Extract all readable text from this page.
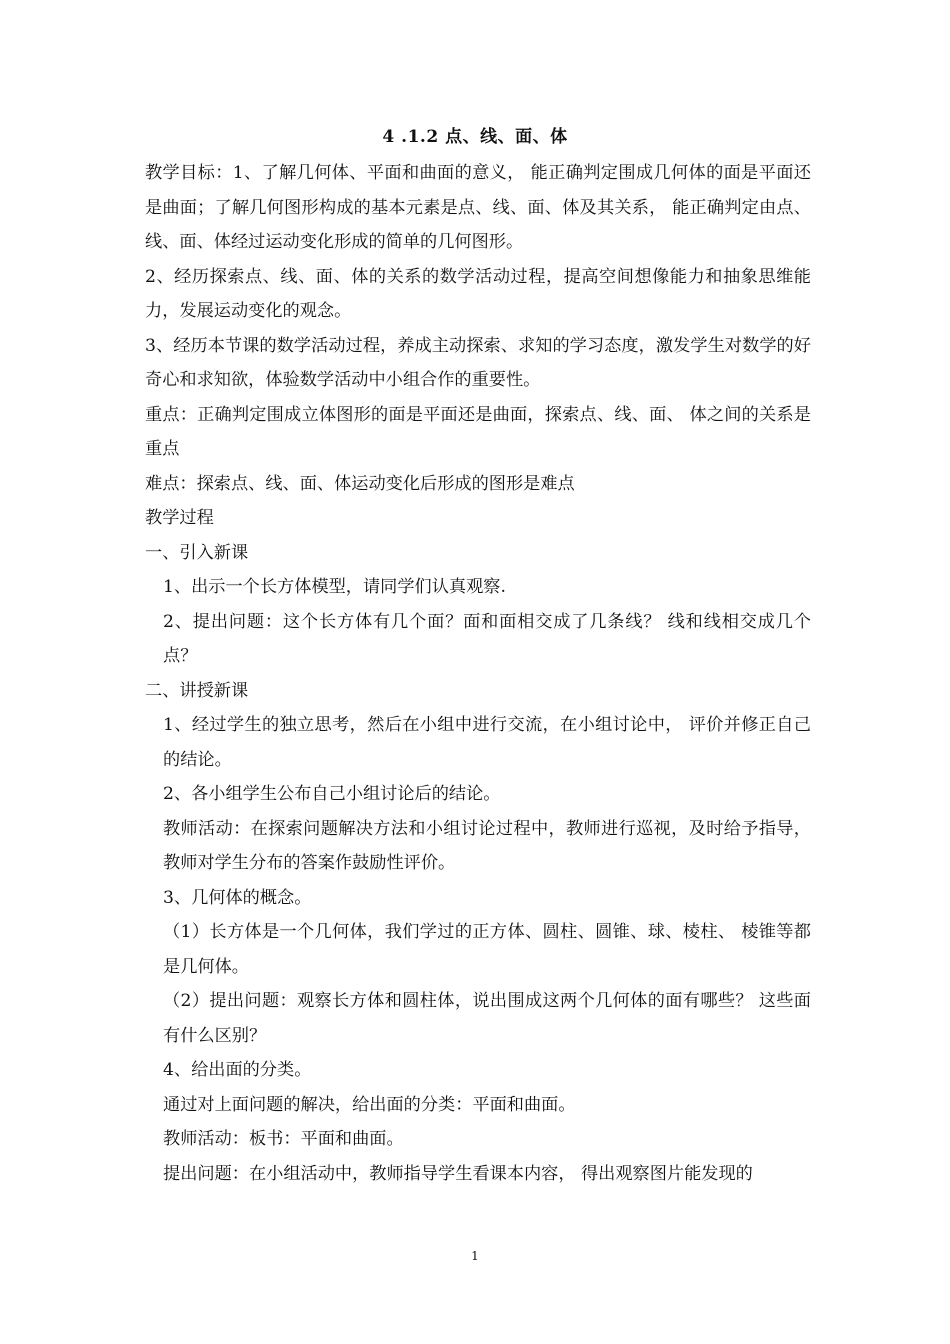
4 .1.2 点、线、面、体

教学目标：1、了解几何体、平面和曲面的意义， 能正确判定围成几何体的面是平面还是曲面；了解几何图形构成的基本元素是点、线、面、体及其关系， 能正确判定由点、线、面、体经过运动变化形成的简单的几何图形。

2、经历探索点、线、面、体的关系的数学活动过程，提高空间想像能力和抽象思维能力，发展运动变化的观念。

3、经历本节课的数学活动过程，养成主动探索、求知的学习态度，激发学生对数学的好奇心和求知欲，体验数学活动中小组合作的重要性。

重点：正确判定围成立体图形的面是平面还是曲面，探索点、线、面、 体之间的关系是重点

难点：探索点、线、面、体运动变化后形成的图形是难点

教学过程

一、引入新课

1、出示一个长方体模型，请同学们认真观察.

2、提出问题：这个长方体有几个面？面和面相交成了几条线？ 线和线相交成几个点？

二、讲授新课

1、经过学生的独立思考，然后在小组中进行交流，在小组讨论中， 评价并修正自己的结论。

2、各小组学生公布自己小组讨论后的结论。

教师活动：在探索问题解决方法和小组讨论过程中，教师进行巡视，及时给予指导，教师对学生分布的答案作鼓励性评价。

3、几何体的概念。

（1）长方体是一个几何体，我们学过的正方体、圆柱、圆锥、球、棱柱、 棱锥等都是几何体。

（2）提出问题：观察长方体和圆柱体，说出围成这两个几何体的面有哪些？ 这些面有什么区别？

4、给出面的分类。

通过对上面问题的解决，给出面的分类：平面和曲面。

教师活动：板书：平面和曲面。

提出问题：在小组活动中，教师指导学生看课本内容， 得出观察图片能发现的

1
